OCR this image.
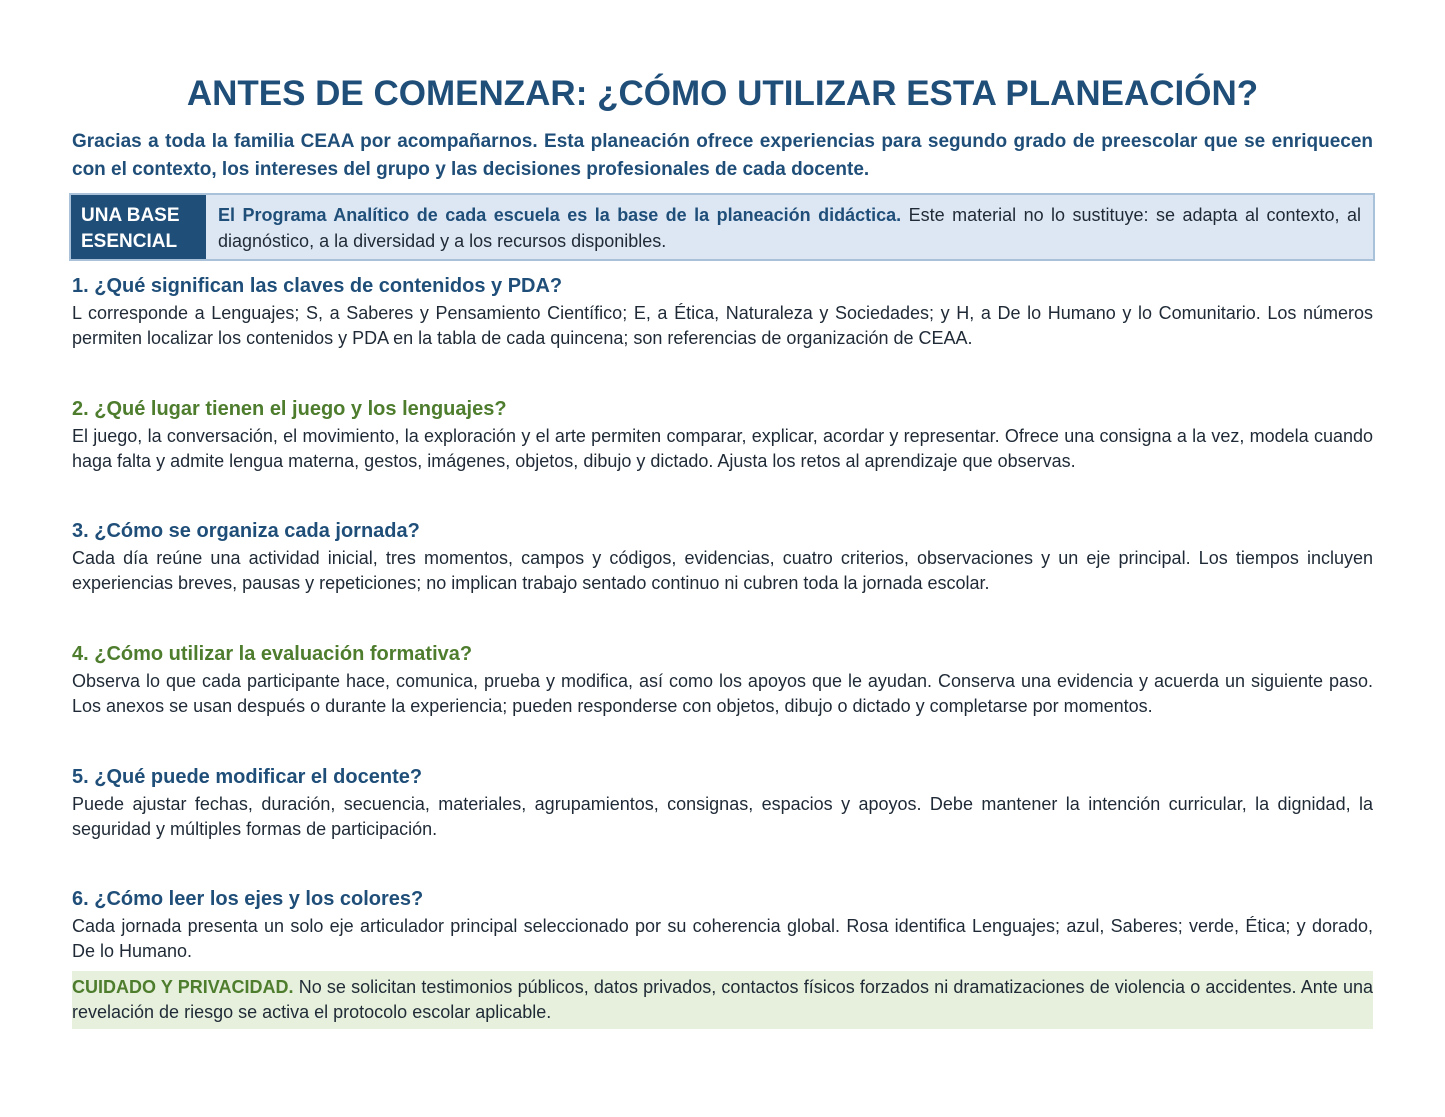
ANTES DE COMENZAR: ¿CÓMO UTILIZAR ESTA PLANEACIÓN?
Gracias a toda la familia CEAA por acompañarnos. Esta planeación ofrece experiencias para segundo grado de preescolar que se enriquecen con el contexto, los intereses del grupo y las decisiones profesionales de cada docente.
UNA BASE
ESENCIAL
El Programa Analítico de cada escuela es la base de la planeación didáctica. Este material no lo sustituye: se adapta al contexto, al diagnóstico, a la diversidad y a los recursos disponibles.
1. ¿Qué significan las claves de contenidos y PDA?

L corresponde a Lenguajes; S, a Saberes y Pensamiento Científico; E, a Ética, Naturaleza y Sociedades; y H, a De lo Humano y lo Comunitario. Los números permiten localizar los contenidos y PDA en la tabla de cada quincena; son referencias de organización de CEAA.

2. ¿Qué lugar tienen el juego y los lenguajes?

El juego, la conversación, el movimiento, la exploración y el arte permiten comparar, explicar, acordar y representar. Ofrece una consigna a la vez, modela cuando haga falta y admite lengua materna, gestos, imágenes, objetos, dibujo y dictado. Ajusta los retos al aprendizaje que observas.

3. ¿Cómo se organiza cada jornada?

Cada día reúne una actividad inicial, tres momentos, campos y códigos, evidencias, cuatro criterios, observaciones y un eje principal. Los tiempos incluyen experiencias breves, pausas y repeticiones; no implican trabajo sentado continuo ni cubren toda la jornada escolar.

4. ¿Cómo utilizar la evaluación formativa?

Observa lo que cada participante hace, comunica, prueba y modifica, así como los apoyos que le ayudan. Conserva una evidencia y acuerda un siguiente paso. Los anexos se usan después o durante la experiencia; pueden responderse con objetos, dibujo o dictado y completarse por momentos.

5. ¿Qué puede modificar el docente?

Puede ajustar fechas, duración, secuencia, materiales, agrupamientos, consignas, espacios y apoyos. Debe mantener la intención curricular, la dignidad, la seguridad y múltiples formas de participación.

6. ¿Cómo leer los ejes y los colores?

Cada jornada presenta un solo eje articulador principal seleccionado por su coherencia global. Rosa identifica Lenguajes; azul, Saberes; verde, Ética; y dorado, De lo Humano.

CUIDADO Y PRIVACIDAD. No se solicitan testimonios públicos, datos privados, contactos físicos forzados ni dramatizaciones de violencia o accidentes. Ante una revelación de riesgo se activa el protocolo escolar aplicable.
